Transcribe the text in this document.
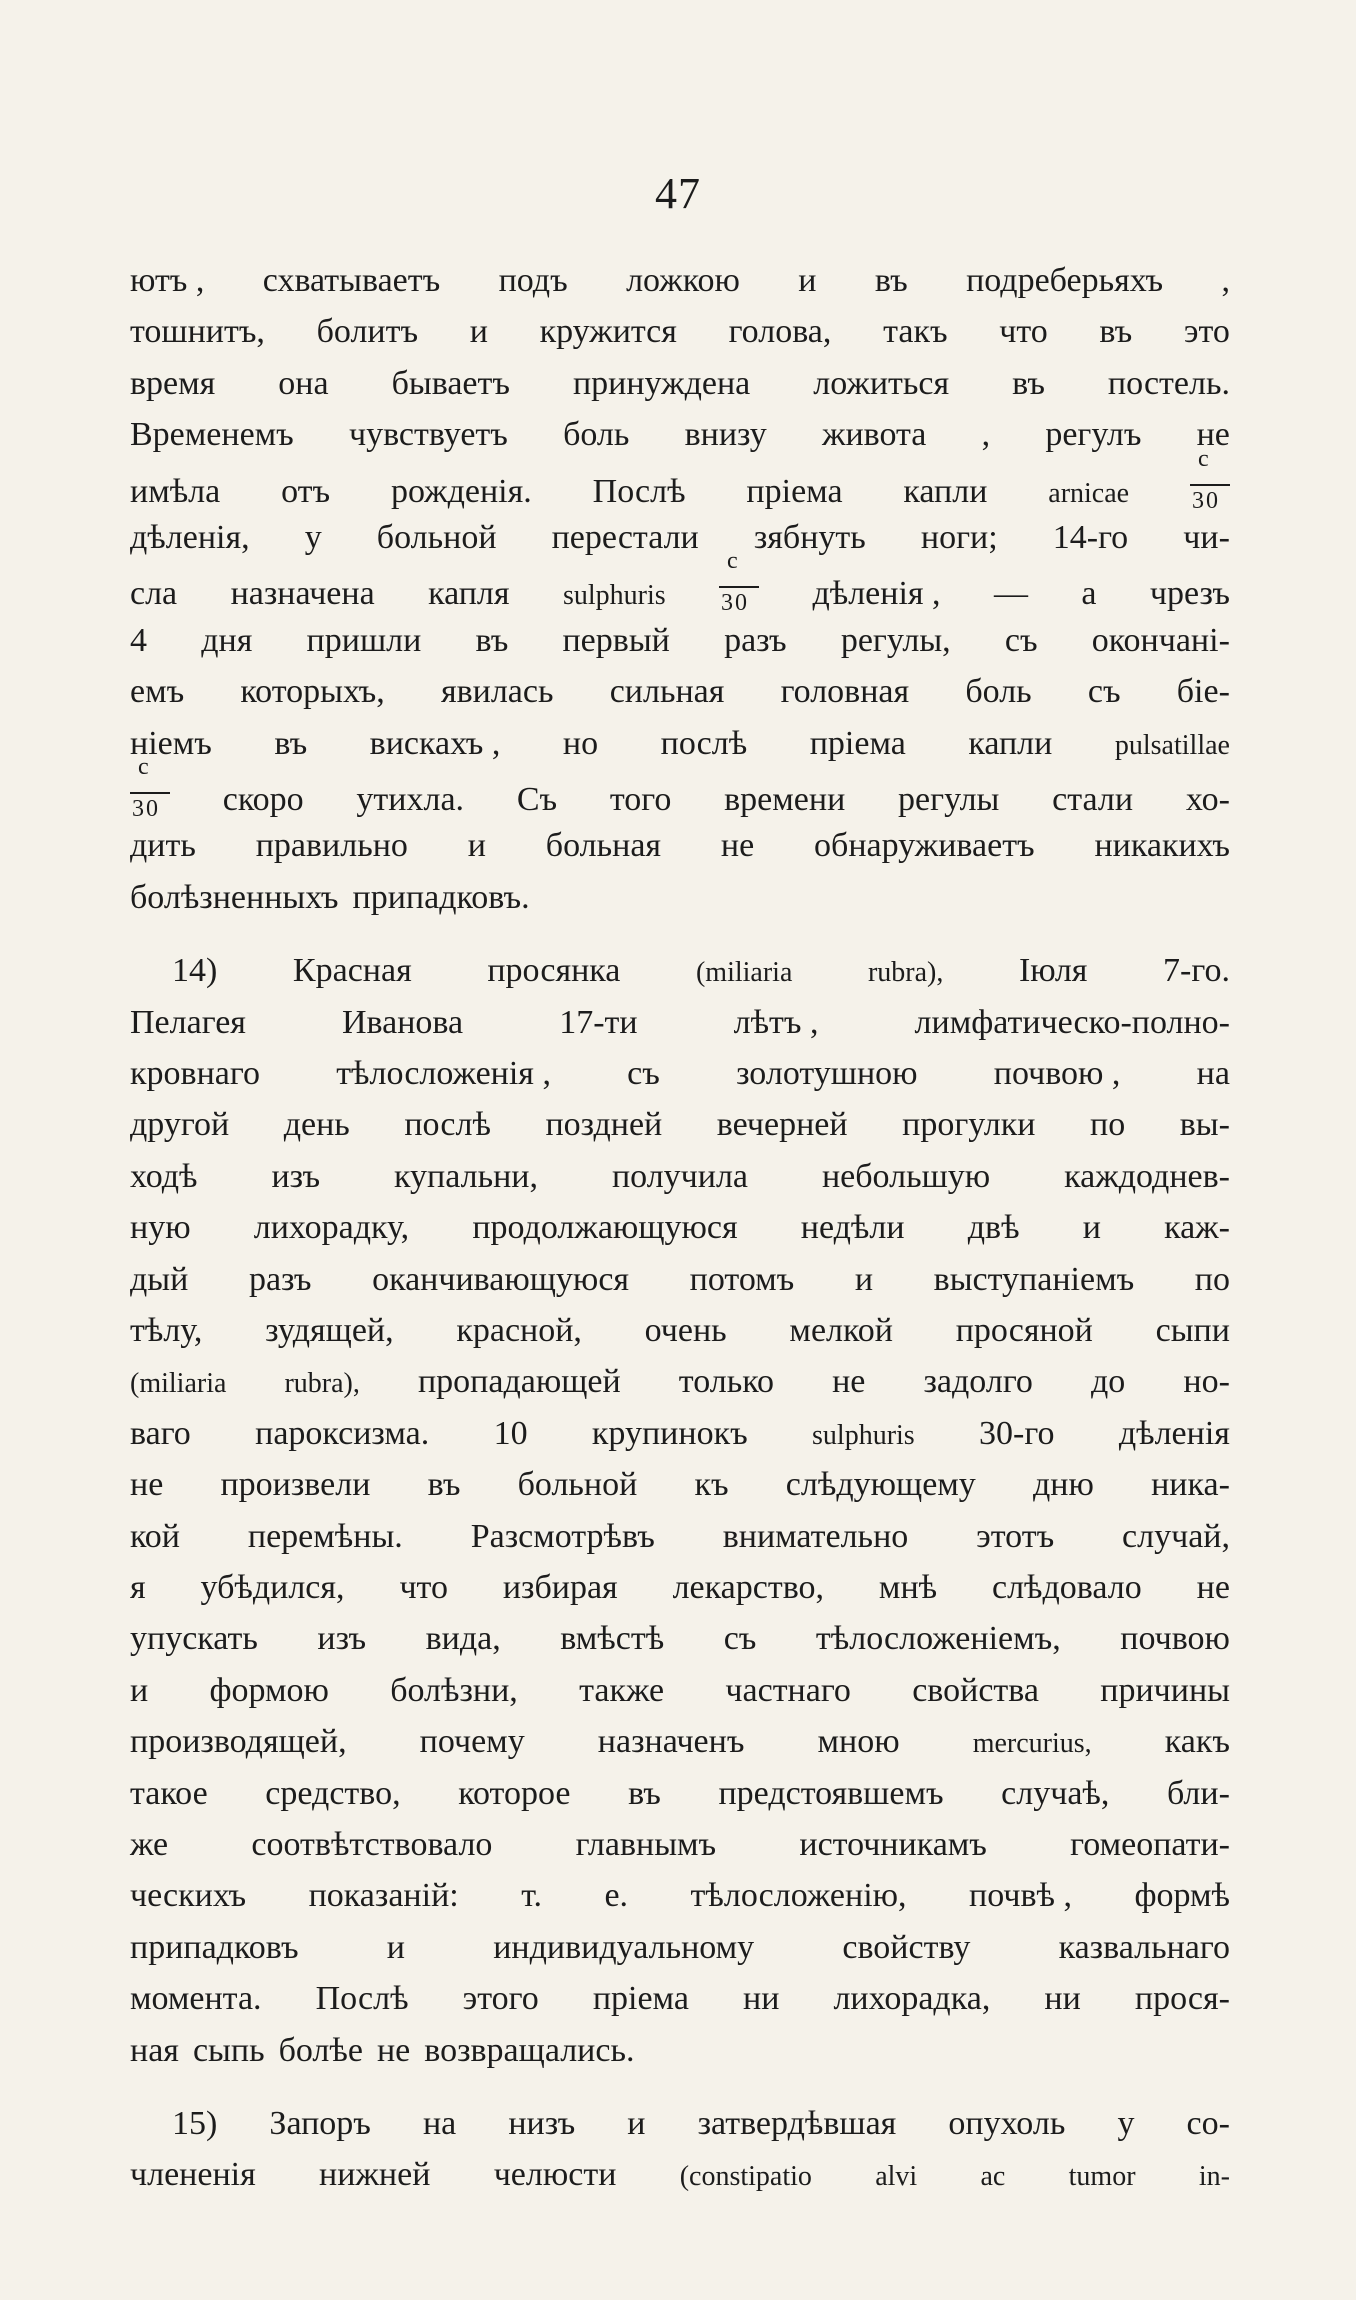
47
ютъ , схватываетъ подъ ложкою и въ подреберьяхъ ,
тошнитъ, болитъ и кружится голова, такъ что въ это
время она бываетъ принуждена ложиться въ постель.
Временемъ чувствуетъ боль внизу живота , регулъ не
имѣла отъ рожденія. Послѣ пріема капли arnicae	$\frac{c}{30}$
дѣленія, у больной перестали зябнуть ноги; 14-го чи-
сла назначена капля sulphuris $\frac{c}{30}$ дѣленія , — а чрезъ
4 дня пришли въ первый разъ регулы, съ окончані-
емъ которыхъ, явилась сильная головная боль съ біе-
ніемъ въ вискахъ , но послѣ пріема капли pulsatillae
$\frac{c}{30}$ скоро утихла. Съ того времени регулы стали хо-
дить правильно и больная не обнаруживаетъ никакихъ
болѣзненныхъ припадковъ.
14) Красная просянка	(miliaria	rubra), Іюля 7-го.
Пелагея	Иванова	17-ти	лѣтъ ,	лимфатическо-полно-
кровнаго тѣлосложенія , съ золотушною почвою , на
другой день послѣ поздней вечерней прогулки по вы-
ходѣ изъ купальни, получила небольшую каждоднев-
ную лихорадку, продолжающуюся недѣли двѣ и каж-
дый разъ оканчивающуюся потомъ и выступаніемъ по
тѣлу, зудящей, красной, очень мелкой просяной сыпи
(miliaria rubra), пропадающей только не задолго до но-
ваго пароксизма. 10 крупинокъ sulphuris 30-го дѣленія
не произвели въ больной къ слѣдующему дню ника-
кой перемѣны. Разсмотрѣвъ внимательно этотъ случай,
я убѣдился, что избирая лекарство, мнѣ слѣдовало не
упускать изъ вида, вмѣстѣ съ тѣлосложеніемъ, почвою
и формою болѣзни, также частнаго свойства причины
производящей, почему назначенъ мною	mercurius, какъ
такое средство, которое въ предстоявшемъ случаѣ, бли-
же соотвѣтствовало главнымъ источникамъ гомеопати-
ческихъ показаній: т. е. тѣлосложенію, почвѣ , формѣ
припадковъ	и	индивидуальному	свойству	казвальнаго
момента. Послѣ этого пріема ни лихорадка, ни прося-
ная сыпь болѣе не возвращались.
15) Запоръ на низъ и затвердѣвшая опухоль у со-
члененія нижней челюсти (constipatio alvi ac tumor in-
